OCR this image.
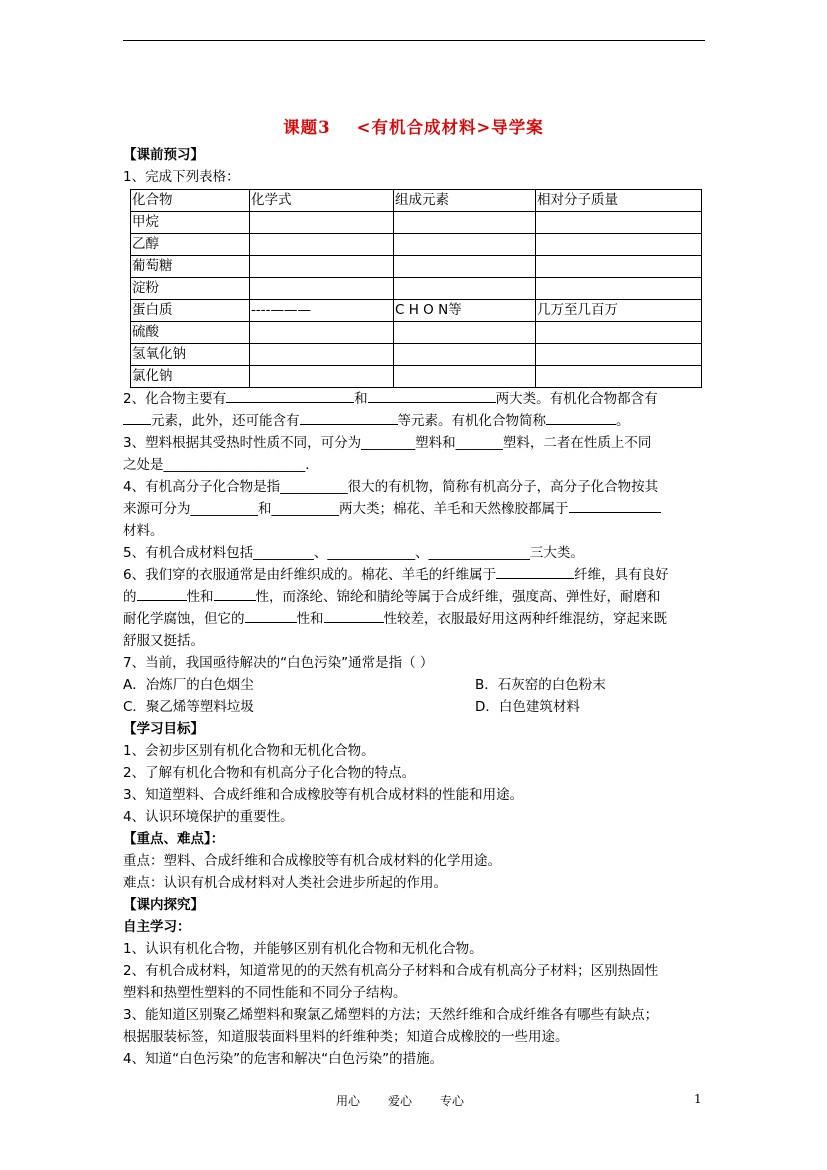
课题3 <有机合成材料>导学案
【课前预习】
1、完成下列表格：
化合物	化学式	组成元素	相对分子质量
甲烷			
乙醇			
葡萄糖			
淀粉			
蛋白质	----———	C H O N等	几万至几百万
硫酸			
氢氧化钠			
氯化钠			
2、化合物主要有	和	两大类。有机化合物都含有
元素，此外，还可能含有	等元素。有机化合物简称	。
3、塑料根据其受热时性质不同，可分为________塑料和_______塑料，二者在性质上不同
之处是_____________________.
4、有机高分子化合物是指__________很大的有机物，简称有机高分子，高分子化合物按其
来源可分为__________和__________两大类；棉花、羊毛和天然橡胶都属于
材料。
5、有机合成材料包括_________、_____________、_______________三大类。
6、我们穿的衣服通常是由纤维织成的。棉花、羊毛的纤维属于	纤维，具有良好
的	性和	性，而涤纶、锦纶和腈纶等属于合成纤维，强度高、弹性好，耐磨和
耐化学腐蚀，但它的	性和	性较差，衣服最好用这两种纤维混纺，穿起来既
舒服又挺括。
7、当前，我国亟待解决的“白色污染”通常是指（ ）
A．冶炼厂的白色烟尘	B．石灰窑的白色粉末
C．聚乙烯等塑料垃圾	D．白色建筑材料
【学习目标】
1、会初步区别有机化合物和无机化合物。
2、了解有机化合物和有机高分子化合物的特点。
3、知道塑料、合成纤维和合成橡胶等有机合成材料的性能和用途。
4、认识环境保护的重要性。
【重点、难点】：
重点：塑料、合成纤维和合成橡胶等有机合成材料的化学用途。
难点：认识有机合成材料对人类社会进步所起的作用。
【课内探究】
自主学习：
1、认识有机化合物，并能够区别有机化合物和无机化合物。
2、有机合成材料，知道常见的的天然有机高分子材料和合成有机高分子材料；区别热固性
塑料和热塑性塑料的不同性能和不同分子结构。
3、能知道区别聚乙烯塑料和聚氯乙烯塑料的方法；天然纤维和合成纤维各有哪些有缺点；
根据服装标签，知道服装面料里料的纤维种类；知道合成橡胶的一些用途。
4、知道“白色污染”的危害和解决“白色污染”的措施。
用心 爱心 专心	1
